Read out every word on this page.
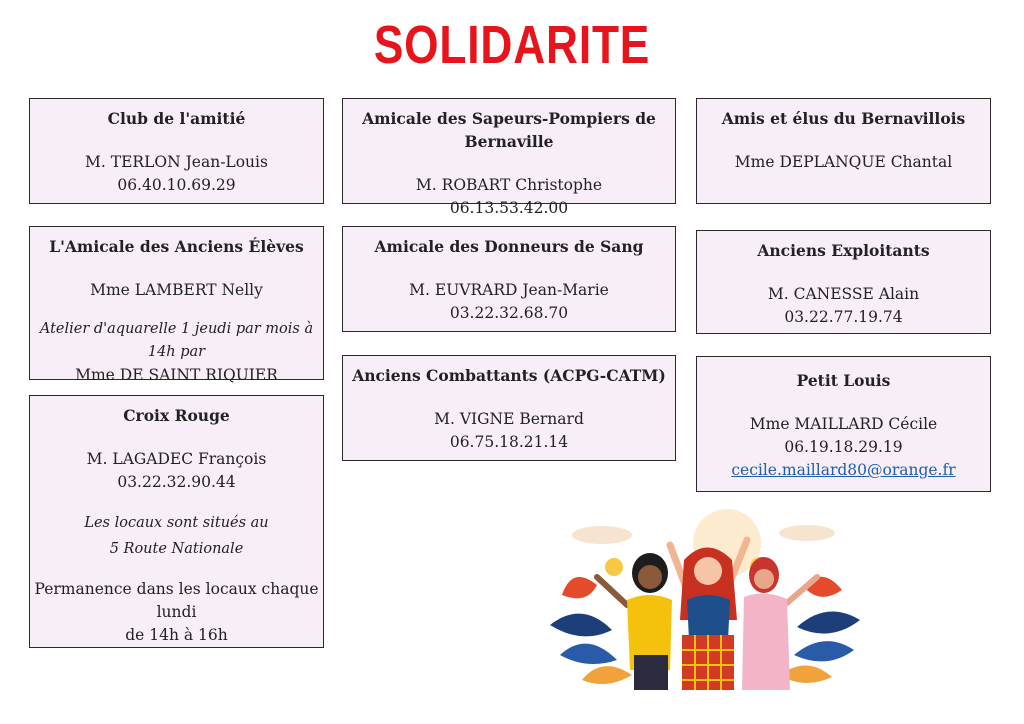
SOLIDARITE
Club de l'amitié
M. TERLON Jean-Louis
06.40.10.69.29
L'Amicale des Anciens Élèves
Mme LAMBERT Nelly
Atelier d'aquarelle 1 jeudi par mois à 14h par
Mme DE SAINT RIQUIER
Croix Rouge
M. LAGADEC François
03.22.32.90.44
Les locaux sont situés au
5 Route Nationale
Permanence dans les locaux chaque lundi
de 14h à 16h
Amicale des Sapeurs-Pompiers de Bernaville
M. ROBART Christophe
06.13.53.42.00
Amicale des Donneurs de Sang
M. EUVRARD Jean-Marie
03.22.32.68.70
Anciens Combattants (ACPG-CATM)
M. VIGNE Bernard
06.75.18.21.14
Amis et élus du Bernavillois
Mme DEPLANQUE Chantal
Anciens Exploitants
M. CANESSE Alain
03.22.77.19.74
Petit Louis
Mme MAILLARD Cécile
06.19.18.29.19
cecile.maillard80@orange.fr
